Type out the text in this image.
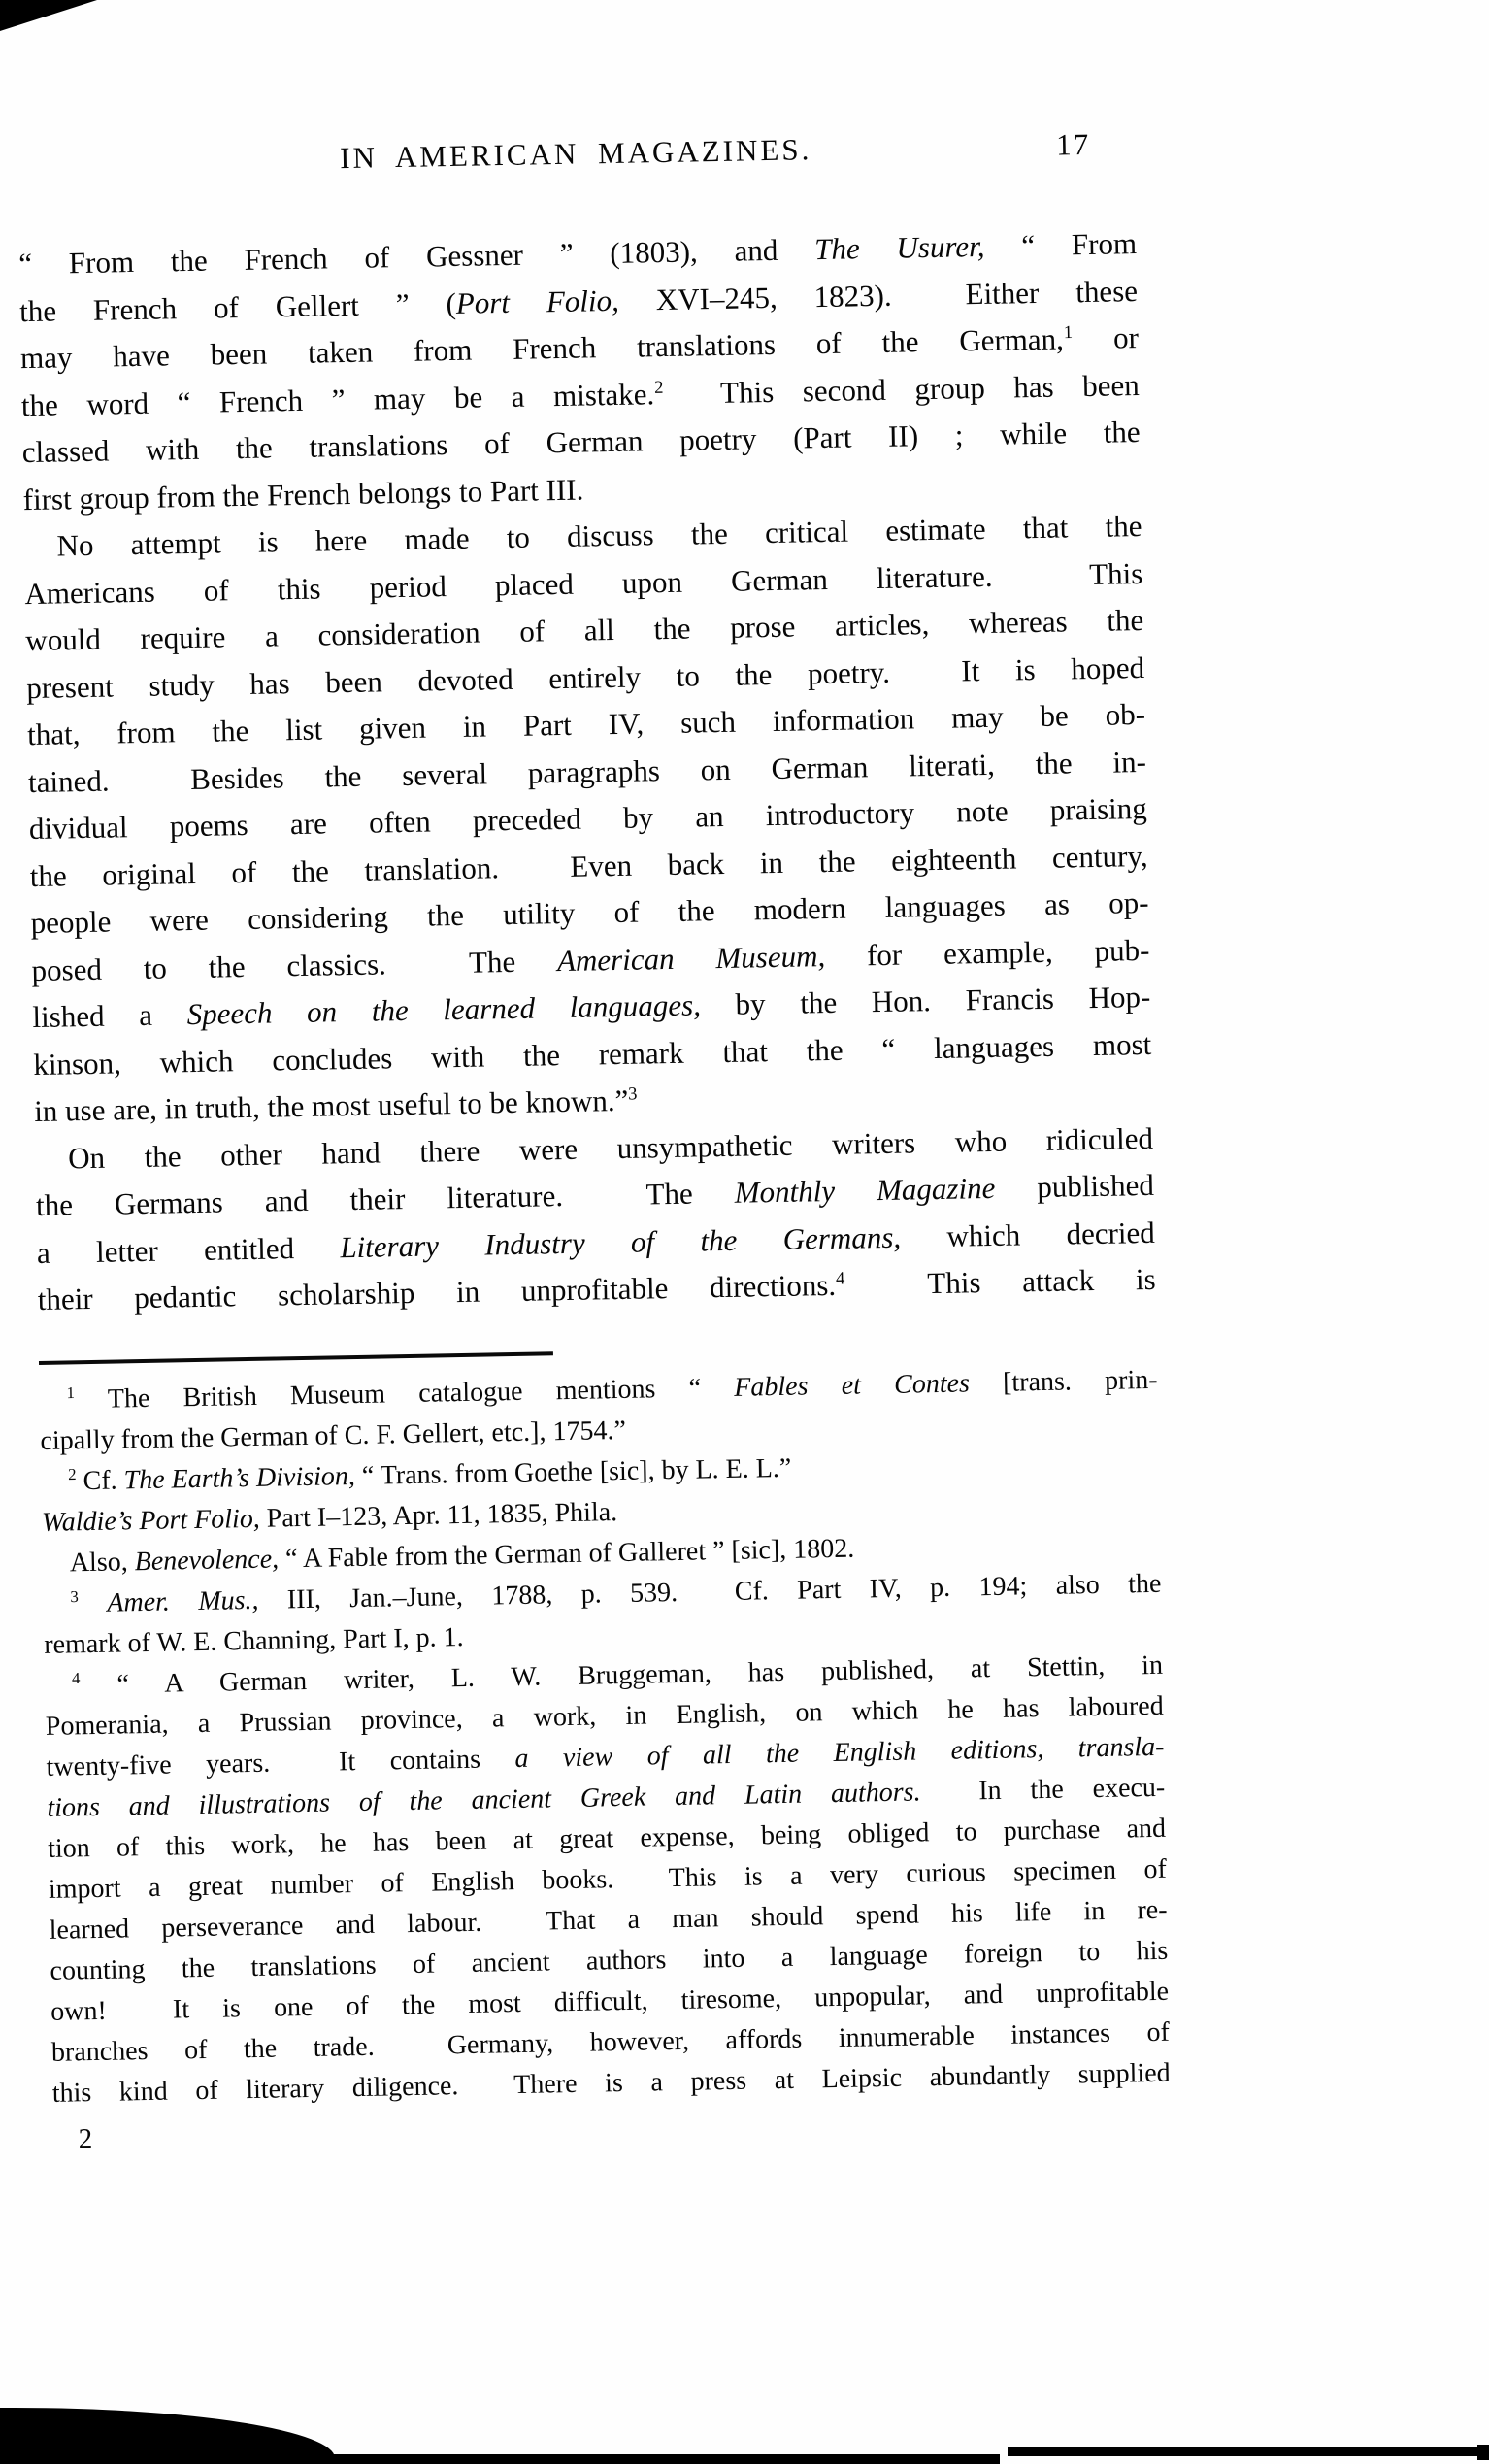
IN AMERICAN MAGAZINES.	17
“ From the French of Gessner ” (1803), and The Usurer, “ From
the French of Gellert ” (Port Folio, XVI–245, 1823).  Either these
may have been taken from French translations of the German,$^1$ or
the word “ French ” may be a mistake.$^2$  This second group has been
classed with the translations of German poetry (Part II) ; while the
first group from the French belongs to Part III.
No attempt is here made to discuss the critical estimate that the
Americans of this period placed upon German literature.  This
would require a consideration of all the prose articles, whereas the
present study has been devoted entirely to the poetry.  It is hoped
that, from the list given in Part IV, such information may be ob-
tained.  Besides the several paragraphs on German literati, the in-
dividual poems are often preceded by an introductory note praising
the original of the translation.  Even back in the eighteenth century,
people were considering the utility of the modern languages as op-
posed to the classics.  The American Museum, for example, pub-
lished a Speech on the learned languages, by the Hon. Francis Hop-
kinson, which concludes with the remark that the “ languages most
in use are, in truth, the most useful to be known.”$^3$
On the other hand there were unsympathetic writers who ridiculed
the Germans and their literature.  The Monthly Magazine published
a letter entitled Literary Industry of the Germans, which decried
their pedantic scholarship in unprofitable directions.$^4$  This attack is
$^1$ The British Museum catalogue mentions “ Fables et Contes [trans. prin-
cipally from the German of C. F. Gellert, etc.], 1754.”
$^2$ Cf. The Earth’s Division, “ Trans. from Goethe [sic], by L. E. L.”
Waldie’s Port Folio, Part I–123, Apr. 11, 1835, Phila.
Also, Benevolence, “ A Fable from the German of Galleret ” [sic], 1802.
$^3$ Amer. Mus., III, Jan.–June, 1788, p. 539.  Cf. Part IV, p. 194; also the
remark of W. E. Channing, Part I, p. 1.
$^4$ “ A German writer, L. W. Bruggeman, has published, at Stettin, in
Pomerania, a Prussian province, a work, in English, on which he has laboured
twenty-five years.  It contains a view of all the English editions, transla-
tions and illustrations of the ancient Greek and Latin authors.  In the execu-
tion of this work, he has been at great expense, being obliged to purchase and
import a great number of English books.  This is a very curious specimen of
learned perseverance and labour.  That a man should spend his life in re-
counting the translations of ancient authors into a language foreign to his
own!  It is one of the most difficult, tiresome, unpopular, and unprofitable
branches of the trade.  Germany, however, affords innumerable instances of
this kind of literary diligence.  There is a press at Leipsic abundantly supplied
2
